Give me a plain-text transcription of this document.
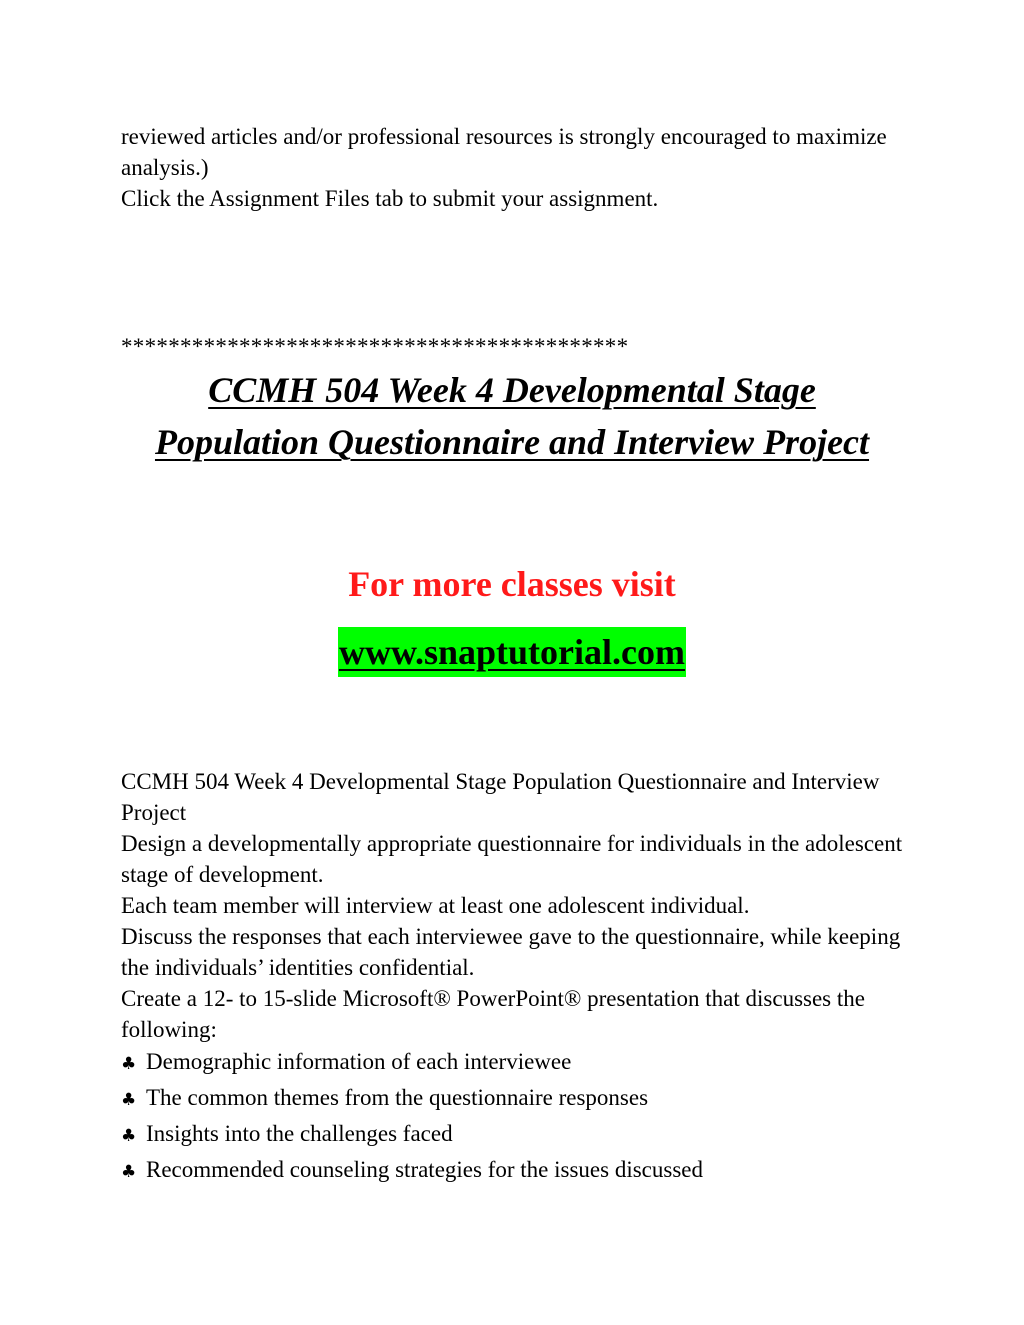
reviewed articles and/or professional resources is strongly encouraged to maximize analysis.)

Click the Assignment Files tab to submit your assignment.

*******************************************
CCMH 504 Week 4 Developmental Stage
Population Questionnaire and Interview Project
For more classes visit
www.snaptutorial.com

CCMH 504 Week 4 Developmental Stage Population Questionnaire and Interview Project

Design a developmentally appropriate questionnaire for individuals in the adolescent stage of development.

Each team member will interview at least one adolescent individual.

Discuss the responses that each interviewee gave to the questionnaire, while keeping the individuals’ identities confidential.

Create a 12- to 15-slide Microsoft® PowerPoint® presentation that discusses the following:

♣ Demographic information of each interviewee
♣ The common themes from the questionnaire responses
♣ Insights into the challenges faced
♣ Recommended counseling strategies for the issues discussed
